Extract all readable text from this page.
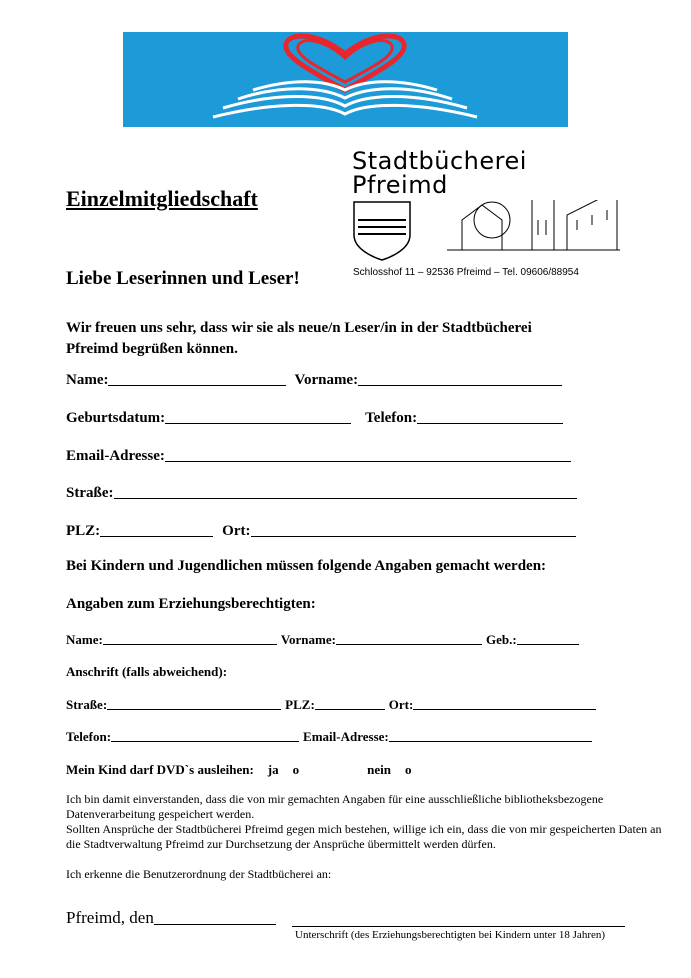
Stadtbücherei
Pfreimd
Schlosshof 11 – 92536 Pfreimd – Tel. 09606/88954
Einzelmitgliedschaft
Liebe Leserinnen und Leser!
Wir freuen uns sehr, dass wir sie als neue/n Leser/in in der Stadtbücherei
Pfreimd begrüßen können.
Name:	Vorname:
Geburtsdatum:	Telefon:
Email-Adresse:
Straße:
PLZ:	Ort:
Bei Kindern und Jugendlichen müssen folgende Angaben gemacht werden:
Angaben zum Erziehungsberechtigten:
Name:	Vorname:	Geb.:
Anschrift (falls abweichend):
Straße:	PLZ:	Ort:
Telefon:	Email-Adresse:
Mein Kind darf DVD`s ausleihen: ja o	nein o
Ich bin damit einverstanden, dass die von mir gemachten Angaben für eine ausschließliche bibliotheksbezogene Datenverarbeitung gespeichert werden.
Sollten Ansprüche der Stadtbücherei Pfreimd gegen mich bestehen, willige ich ein, dass die von mir gespeicherten Daten an die Stadtverwaltung Pfreimd zur Durchsetzung der Ansprüche übermittelt werden dürfen.
Ich erkenne die Benutzerordnung der Stadtbücherei an:
Pfreimd, den
Unterschrift (des Erziehungsberechtigten bei Kindern unter 18 Jahren)
